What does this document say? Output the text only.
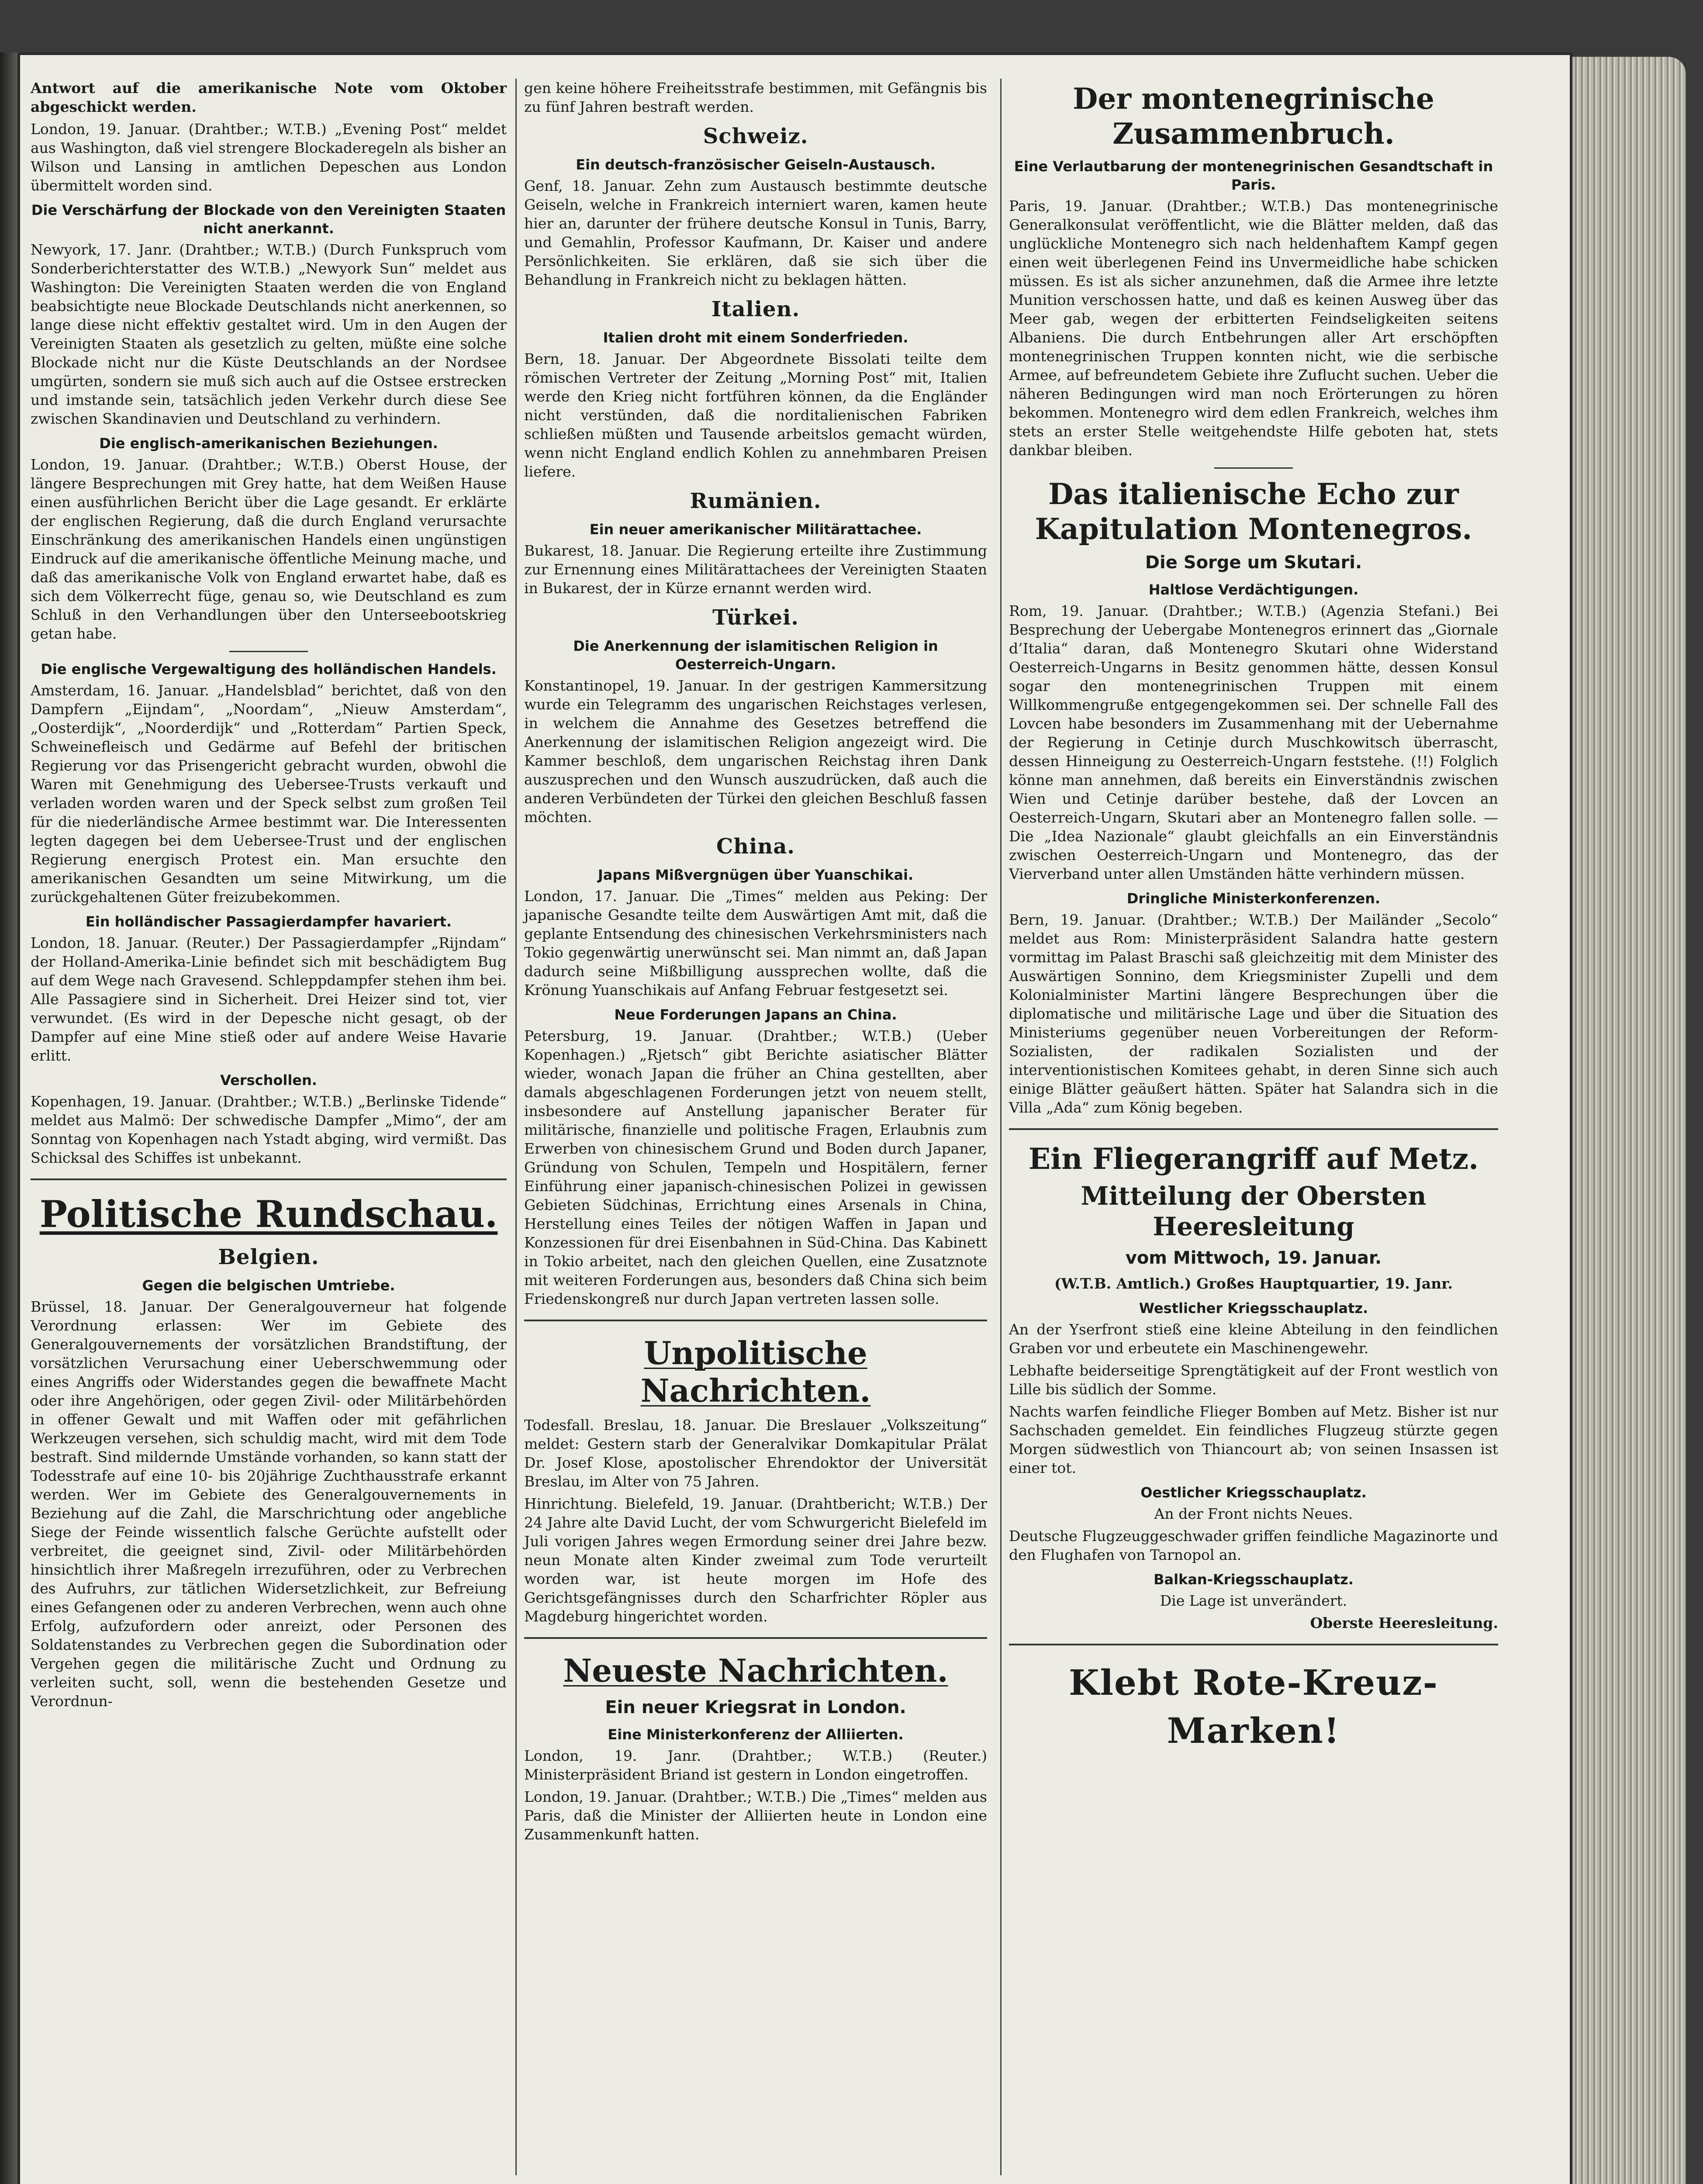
Antwort auf die amerikanische Note vom Oktober abgeschickt werden.

London, 19. Januar. (Drahtber.; W.T.B.) „Evening Post“ meldet aus Washington, daß viel strengere Blockaderegeln als bisher an Wilson und Lansing in amtlichen Depeschen aus London übermittelt worden sind.

Die Verschärfung der Blockade von den Vereinigten Staaten nicht anerkannt.

Newyork, 17. Janr. (Drahtber.; W.T.B.) (Durch Funkspruch vom Sonderberichterstatter des W.T.B.) „Newyork Sun“ meldet aus Washington: Die Vereinigten Staaten werden die von England beabsichtigte neue Blockade Deutschlands nicht anerkennen, so lange diese nicht effektiv gestaltet wird. Um in den Augen der Vereinigten Staaten als gesetzlich zu gelten, müßte eine solche Blockade nicht nur die Küste Deutschlands an der Nordsee umgürten, sondern sie muß sich auch auf die Ostsee erstrecken und imstande sein, tatsächlich jeden Verkehr durch diese See zwischen Skandinavien und Deutschland zu verhindern.

Die englisch-amerikanischen Beziehungen.

London, 19. Januar. (Drahtber.; W.T.B.) Oberst House, der längere Besprechungen mit Grey hatte, hat dem Weißen Hause einen ausführlichen Bericht über die Lage gesandt. Er erklärte der englischen Regierung, daß die durch England verursachte Einschränkung des amerikanischen Handels einen ungünstigen Eindruck auf die amerikanische öffentliche Meinung mache, und daß das amerikanische Volk von England erwartet habe, daß es sich dem Völkerrecht füge, genau so, wie Deutschland es zum Schluß in den Verhandlungen über den Unterseebootskrieg getan habe.

Die englische Vergewaltigung des holländischen Handels.

Amsterdam, 16. Januar. „Handelsblad“ berichtet, daß von den Dampfern „Eijndam“, „Noordam“, „Nieuw Amsterdam“, „Oosterdijk“, „Noorderdijk“ und „Rotterdam“ Partien Speck, Schweinefleisch und Gedärme auf Befehl der britischen Regierung vor das Prisengericht gebracht wurden, obwohl die Waren mit Genehmigung des Uebersee-Trusts verkauft und verladen worden waren und der Speck selbst zum großen Teil für die niederländische Armee bestimmt war. Die Interessenten legten dagegen bei dem Uebersee-Trust und der englischen Regierung energisch Protest ein. Man ersuchte den amerikanischen Gesandten um seine Mitwirkung, um die zurückgehaltenen Güter freizubekommen.

Ein holländischer Passagierdampfer havariert.

London, 18. Januar. (Reuter.) Der Passagierdampfer „Rijndam“ der Holland-Amerika-Linie befindet sich mit beschädigtem Bug auf dem Wege nach Gravesend. Schleppdampfer stehen ihm bei. Alle Passagiere sind in Sicherheit. Drei Heizer sind tot, vier verwundet. (Es wird in der Depesche nicht gesagt, ob der Dampfer auf eine Mine stieß oder auf andere Weise Havarie erlitt.

Verschollen.

Kopenhagen, 19. Januar. (Drahtber.; W.T.B.) „Berlinske Tidende“ meldet aus Malmö: Der schwedische Dampfer „Mimo“, der am Sonntag von Kopenhagen nach Ystadt abging, wird vermißt. Das Schicksal des Schiffes ist unbekannt.

Politische Rundschau.
Belgien.
Gegen die belgischen Umtriebe.

Brüssel, 18. Januar. Der Generalgouverneur hat folgende Verordnung erlassen: Wer im Gebiete des Generalgouvernements der vorsätzlichen Brandstiftung, der vorsätzlichen Verursachung einer Ueberschwemmung oder eines Angriffs oder Widerstandes gegen die bewaffnete Macht oder ihre Angehörigen, oder gegen Zivil- oder Militärbehörden in offener Gewalt und mit Waffen oder mit gefährlichen Werkzeugen versehen, sich schuldig macht, wird mit dem Tode bestraft. Sind mildernde Umstände vorhanden, so kann statt der Todesstrafe auf eine 10- bis 20jährige Zuchthausstrafe erkannt werden. Wer im Gebiete des Generalgouvernements in Beziehung auf die Zahl, die Marschrichtung oder angebliche Siege der Feinde wissentlich falsche Gerüchte aufstellt oder verbreitet, die geeignet sind, Zivil- oder Militärbehörden hinsichtlich ihrer Maßregeln irrezuführen, oder zu Verbrechen des Aufruhrs, zur tätlichen Widersetzlichkeit, zur Befreiung eines Gefangenen oder zu anderen Verbrechen, wenn auch ohne Erfolg, aufzufordern oder anreizt, oder Personen des Soldatenstandes zu Verbrechen gegen die Subordination oder Vergehen gegen die militärische Zucht und Ordnung zu verleiten sucht, soll, wenn die bestehenden Gesetze und Verordnun-

gen keine höhere Freiheitsstrafe bestimmen, mit Gefängnis bis zu fünf Jahren bestraft werden.

Schweiz.
Ein deutsch-französischer Geiseln-Austausch.

Genf, 18. Januar. Zehn zum Austausch bestimmte deutsche Geiseln, welche in Frankreich interniert waren, kamen heute hier an, darunter der frühere deutsche Konsul in Tunis, Barry, und Gemahlin, Professor Kaufmann, Dr. Kaiser und andere Persönlichkeiten. Sie erklären, daß sie sich über die Behandlung in Frankreich nicht zu beklagen hätten.

Italien.
Italien droht mit einem Sonderfrieden.

Bern, 18. Januar. Der Abgeordnete Bissolati teilte dem römischen Vertreter der Zeitung „Morning Post“ mit, Italien werde den Krieg nicht fortführen können, da die Engländer nicht verstünden, daß die norditalienischen Fabriken schließen müßten und Tausende arbeitslos gemacht würden, wenn nicht England endlich Kohlen zu annehmbaren Preisen liefere.

Rumänien.
Ein neuer amerikanischer Militärattachee.

Bukarest, 18. Januar. Die Regierung erteilte ihre Zustimmung zur Ernennung eines Militärattachees der Vereinigten Staaten in Bukarest, der in Kürze ernannt werden wird.

Türkei.
Die Anerkennung der islamitischen Religion in Oesterreich-Ungarn.

Konstantinopel, 19. Januar. In der gestrigen Kammersitzung wurde ein Telegramm des ungarischen Reichstages verlesen, in welchem die Annahme des Gesetzes betreffend die Anerkennung der islamitischen Religion angezeigt wird. Die Kammer beschloß, dem ungarischen Reichstag ihren Dank auszusprechen und den Wunsch auszudrücken, daß auch die anderen Verbündeten der Türkei den gleichen Beschluß fassen möchten.

China.
Japans Mißvergnügen über Yuanschikai.

London, 17. Januar. Die „Times“ melden aus Peking: Der japanische Gesandte teilte dem Auswärtigen Amt mit, daß die geplante Entsendung des chinesischen Verkehrsministers nach Tokio gegenwärtig unerwünscht sei. Man nimmt an, daß Japan dadurch seine Mißbilligung aussprechen wollte, daß die Krönung Yuanschikais auf Anfang Februar festgesetzt sei.

Neue Forderungen Japans an China.

Petersburg, 19. Januar. (Drahtber.; W.T.B.) (Ueber Kopenhagen.) „Rjetsch“ gibt Berichte asiatischer Blätter wieder, wonach Japan die früher an China gestellten, aber damals abgeschlagenen Forderungen jetzt von neuem stellt, insbesondere auf Anstellung japanischer Berater für militärische, finanzielle und politische Fragen, Erlaubnis zum Erwerben von chinesischem Grund und Boden durch Japaner, Gründung von Schulen, Tempeln und Hospitälern, ferner Einführung einer japanisch-chinesischen Polizei in gewissen Gebieten Südchinas, Errichtung eines Arsenals in China, Herstellung eines Teiles der nötigen Waffen in Japan und Konzessionen für drei Eisenbahnen in Süd-China. Das Kabinett in Tokio arbeitet, nach den gleichen Quellen, eine Zusatznote mit weiteren Forderungen aus, besonders daß China sich beim Friedenskongreß nur durch Japan vertreten lassen solle.

Unpolitische Nachrichten.

Todesfall. Breslau, 18. Januar. Die Breslauer „Volkszeitung“ meldet: Gestern starb der Generalvikar Domkapitular Prälat Dr. Josef Klose, apostolischer Ehrendoktor der Universität Breslau, im Alter von 75 Jahren.

Hinrichtung. Bielefeld, 19. Januar. (Drahtbericht; W.T.B.) Der 24 Jahre alte David Lucht, der vom Schwurgericht Bielefeld im Juli vorigen Jahres wegen Ermordung seiner drei Jahre bezw. neun Monate alten Kinder zweimal zum Tode verurteilt worden war, ist heute morgen im Hofe des Gerichtsgefängnisses durch den Scharfrichter Röpler aus Magdeburg hingerichtet worden.

Neueste Nachrichten.
Ein neuer Kriegsrat in London.
Eine Ministerkonferenz der Alliierten.

London, 19. Janr. (Drahtber.; W.T.B.) (Reuter.) Ministerpräsident Briand ist gestern in London eingetroffen.

London, 19. Januar. (Drahtber.; W.T.B.) Die „Times“ melden aus Paris, daß die Minister der Alliierten heute in London eine Zusammenkunft hatten.

Der montenegrinische Zusammenbruch.
Eine Verlautbarung der montenegrinischen Gesandtschaft in Paris.

Paris, 19. Januar. (Drahtber.; W.T.B.) Das montenegrinische Generalkonsulat veröffentlicht, wie die Blätter melden, daß das unglückliche Montenegro sich nach heldenhaftem Kampf gegen einen weit überlegenen Feind ins Unvermeidliche habe schicken müssen. Es ist als sicher anzunehmen, daß die Armee ihre letzte Munition verschossen hatte, und daß es keinen Ausweg über das Meer gab, wegen der erbitterten Feindseligkeiten seitens Albaniens. Die durch Entbehrungen aller Art erschöpften montenegrinischen Truppen konnten nicht, wie die serbische Armee, auf befreundetem Gebiete ihre Zuflucht suchen. Ueber die näheren Bedingungen wird man noch Erörterungen zu hören bekommen. Montenegro wird dem edlen Frankreich, welches ihm stets an erster Stelle weitgehendste Hilfe geboten hat, stets dankbar bleiben.

Das italienische Echo zur Kapitulation Montenegros.
Die Sorge um Skutari.
Haltlose Verdächtigungen.

Rom, 19. Januar. (Drahtber.; W.T.B.) (Agenzia Stefani.) Bei Besprechung der Uebergabe Montenegros erinnert das „Giornale d’Italia“ daran, daß Montenegro Skutari ohne Widerstand Oesterreich-Ungarns in Besitz genommen hätte, dessen Konsul sogar den montenegrinischen Truppen mit einem Willkommengruße entgegengekommen sei. Der schnelle Fall des Lovcen habe besonders im Zusammenhang mit der Uebernahme der Regierung in Cetinje durch Muschkowitsch überrascht, dessen Hinneigung zu Oesterreich-Ungarn feststehe. (!!) Folglich könne man annehmen, daß bereits ein Einverständnis zwischen Wien und Cetinje darüber bestehe, daß der Lovcen an Oesterreich-Ungarn, Skutari aber an Montenegro fallen solle. — Die „Idea Nazionale“ glaubt gleichfalls an ein Einverständnis zwischen Oesterreich-Ungarn und Montenegro, das der Vierverband unter allen Umständen hätte verhindern müssen.

Dringliche Ministerkonferenzen.

Bern, 19. Januar. (Drahtber.; W.T.B.) Der Mailänder „Secolo“ meldet aus Rom: Ministerpräsident Salandra hatte gestern vormittag im Palast Braschi saß gleichzeitig mit dem Minister des Auswärtigen Sonnino, dem Kriegsminister Zupelli und dem Kolonialminister Martini längere Besprechungen über die diplomatische und militärische Lage und über die Situation des Ministeriums gegenüber neuen Vorbereitungen der Reform-Sozialisten, der radikalen Sozialisten und der interventionistischen Komitees gehabt, in deren Sinne sich auch einige Blätter geäußert hätten. Später hat Salandra sich in die Villa „Ada“ zum König begeben.

Ein Fliegerangriff auf Metz.
Mitteilung der Obersten Heeresleitung
vom Mittwoch, 19. Januar.

(W.T.B. Amtlich.) Großes Hauptquartier, 19. Janr.

Westlicher Kriegsschauplatz.

An der Yserfront stieß eine kleine Abteilung in den feindlichen Graben vor und erbeutete ein Maschinengewehr.

Lebhafte beiderseitige Sprengtätigkeit auf der Front westlich von Lille bis südlich der Somme.

Nachts warfen feindliche Flieger Bomben auf Metz. Bisher ist nur Sachschaden gemeldet. Ein feindliches Flugzeug stürzte gegen Morgen südwestlich von Thiancourt ab; von seinen Insassen ist einer tot.

Oestlicher Kriegsschauplatz.

An der Front nichts Neues.

Deutsche Flugzeuggeschwader griffen feindliche Magazinorte und den Flughafen von Tarnopol an.

Balkan-Kriegsschauplatz.

Die Lage ist unverändert.

Oberste Heeresleitung.

Klebt Rote-Kreuz-Marken!
